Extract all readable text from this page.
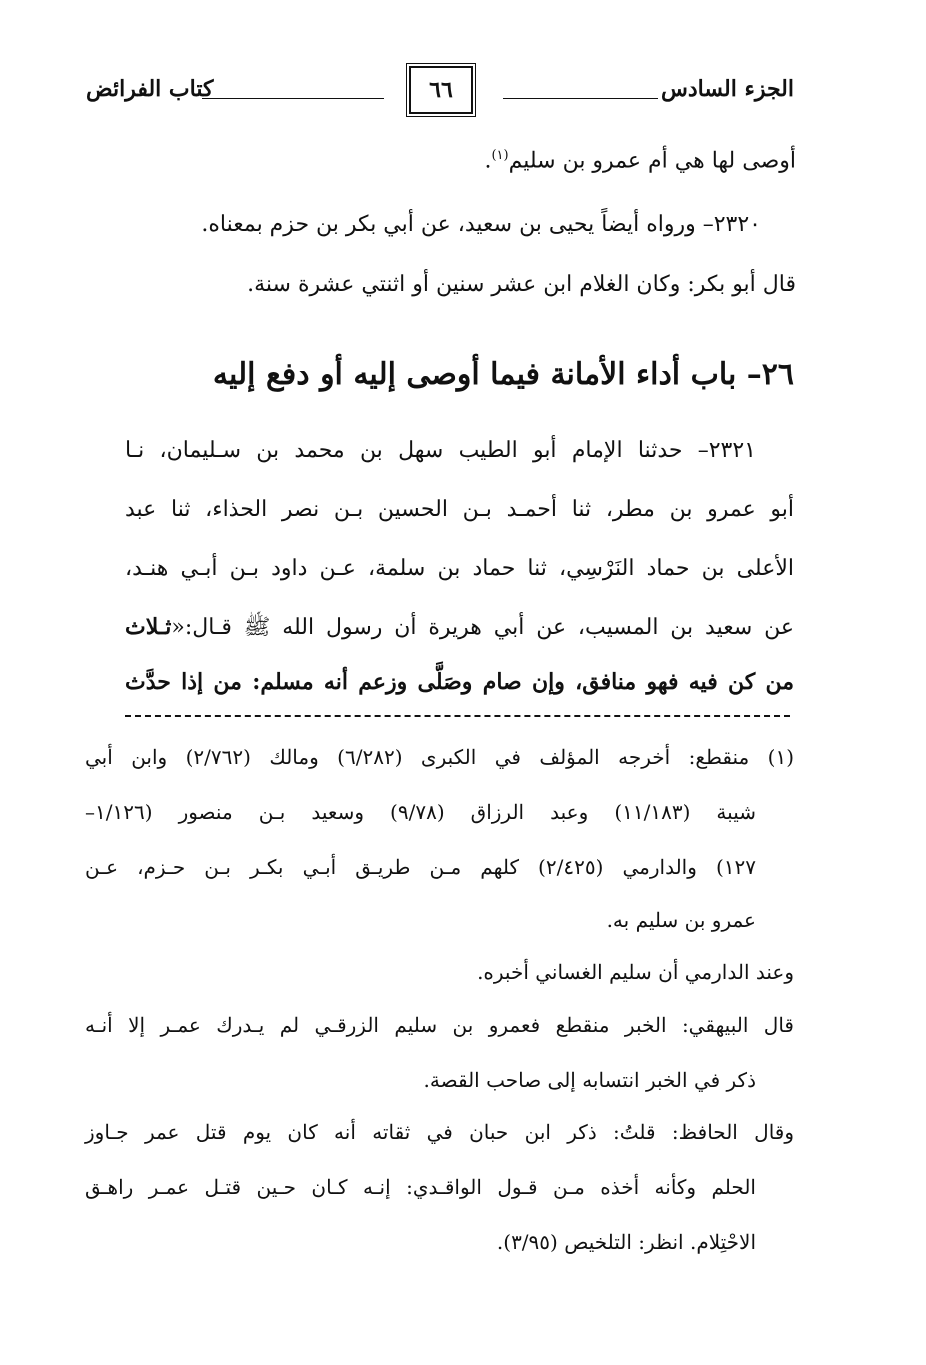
الجزء السادس
٦٦
كتاب الفرائض
أوصى لها هي أم عمرو بن سليم$^{(١)}$.
٢٣٢٠– ورواه أيضاً يحيى بن سعيد، عن أبي بكر بن حزم بمعناه.
قال أبو بكر: وكان الغلام ابن عشر سنين أو اثنتي عشرة سنة.
٢٦– باب أداء الأمانة فيما أوصى إليه أو دفع إليه
٢٣٢١– حدثنا الإمام أبو الطيب سهل بن محمد بن سـليمان، نـا
أبو عمرو بن مطر، ثنا أحمـد بـن الحسين بـن نصر الحذاء، ثنا عبد
الأعلى بن حماد النَرْسِي، ثنا حماد بن سلمة، عـن داود بـن أبـي هنـد،
عن سعيد بن المسيب، عن أبي هريرة أن رسول الله ﷺ قـال:«ثـلاث
من كن فيه فهو منافق، وإن صام وصَلَّى وزعم أنه مسلم: من إذا حدَّث
(١) منقطع: أخرجه المؤلف في الكبرى (٦/٢٨٢) ومالك (٢/٧٦٢) وابن أبي
شيبة (١١/١٨٣) وعبد الرزاق (٩/٧٨) وسعيد بـن منصور (١/١٢٦–
١٢٧) والدارمي (٢/٤٢٥) كلهم مـن طريـق أبـي بكـر بـن حـزم، عـن
عمرو بن سليم به.
وعند الدارمي أن سليم الغساني أخبره.
قال البيهقي: الخبر منقطع فعمرو بن سليم الزرقـي لم يـدرك عمـر إلا أنـه
ذكر في الخبر انتسابه إلى صاحب القصة.
وقال الحافظ: قلتُ: ذكر ابن حبان في ثقاته أنه كان يوم قتل عمر جـاوز
الحلم وكأنه أخذه مـن قـول الواقـدي: إنـه كـان حـين قتـل عمـر راهـق
الاحْتِلام. انظر: التلخيص (٣/٩٥).
